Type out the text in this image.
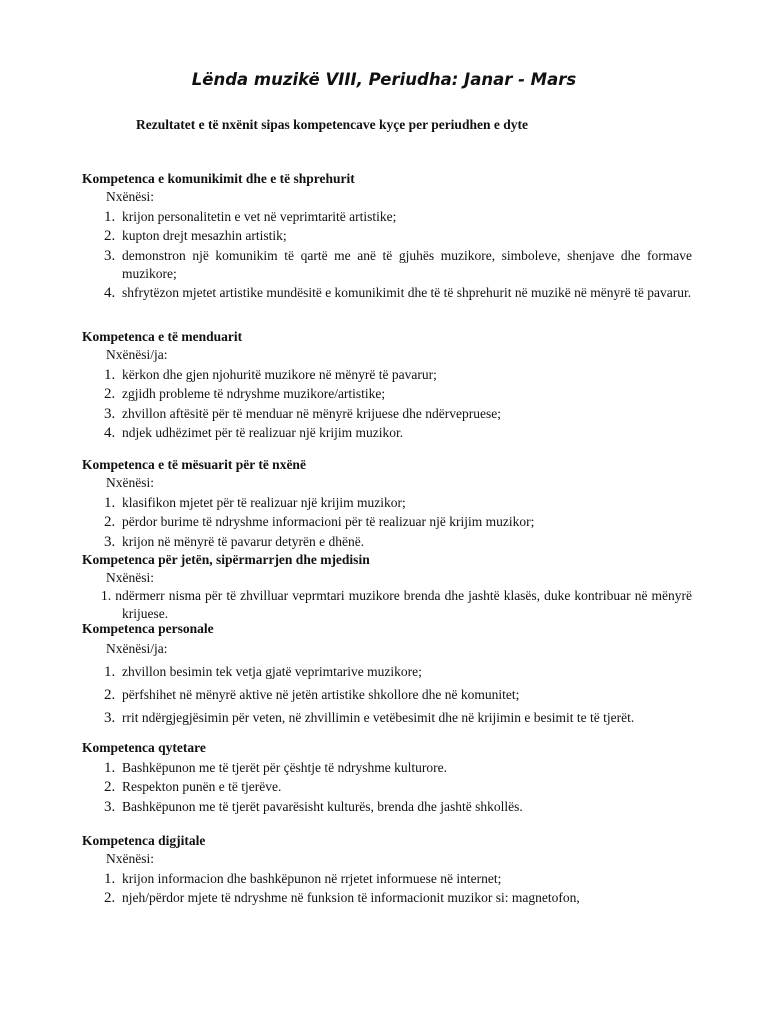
Lënda muzikë VIII, Periudha: Janar - Mars
Rezultatet e të nxënit sipas kompetencave kyçe per periudhen e dyte
Kompetenca e komunikimit dhe e të shprehurit
Nxënësi:
1. krijon personalitetin e vet në veprimtaritë artistike;
2. kupton drejt mesazhin artistik;
3. demonstron një komunikim të qartë me anë të gjuhës muzikore, simboleve, shenjave dhe formave muzikore;
4. shfrytëzon mjetet artistike mundësitë e komunikimit dhe të të shprehurit në muzikë në mënyrë të pavarur.
Kompetenca e të menduarit
Nxënësi/ja:
1. kërkon dhe gjen njohuritë muzikore në mënyrë të pavarur;
2. zgjidh probleme të ndryshme muzikore/artistike;
3. zhvillon aftësitë për të menduar në mënyrë krijuese dhe ndërvepruese;
4. ndjek udhëzimet për të realizuar një krijim muzikor.
Kompetenca e të mësuarit për të nxënë
Nxënësi:
1. klasifikon mjetet për të realizuar një krijim muzikor;
2. përdor burime të ndryshme informacioni për të realizuar një krijim muzikor;
3. krijon në mënyrë të pavarur detyrën e dhënë.
Kompetenca për jetën, sipërmarrjen dhe mjedisin
Nxënësi:
1. ndërmerr nisma për të zhvilluar veprmtari muzikore brenda dhe jashtë klasës, duke kontribuar në mënyrë krijuese.
Kompetenca personale
Nxënësi/ja:
1. zhvillon besimin tek vetja gjatë veprimtarive muzikore;
2. përfshihet në mënyrë aktive në jetën artistike shkollore dhe në komunitet;
3. rrit ndërgjegjësimin për veten, në zhvillimin e vetëbesimit dhe në krijimin e besimit te të tjerët.
Kompetenca qytetare
1. Bashkëpunon me të tjerët për çështje të ndryshme kulturore.
2. Respekton punën e të tjerëve.
3. Bashkëpunon me të tjerët pavarësisht kulturës, brenda dhe jashtë shkollës.
Kompetenca digjitale
Nxënësi:
1. krijon informacion dhe bashkëpunon në rrjetet informuese në internet;
2. njeh/përdor mjete të ndryshme në funksion të informacionit muzikor si: magnetofon,
